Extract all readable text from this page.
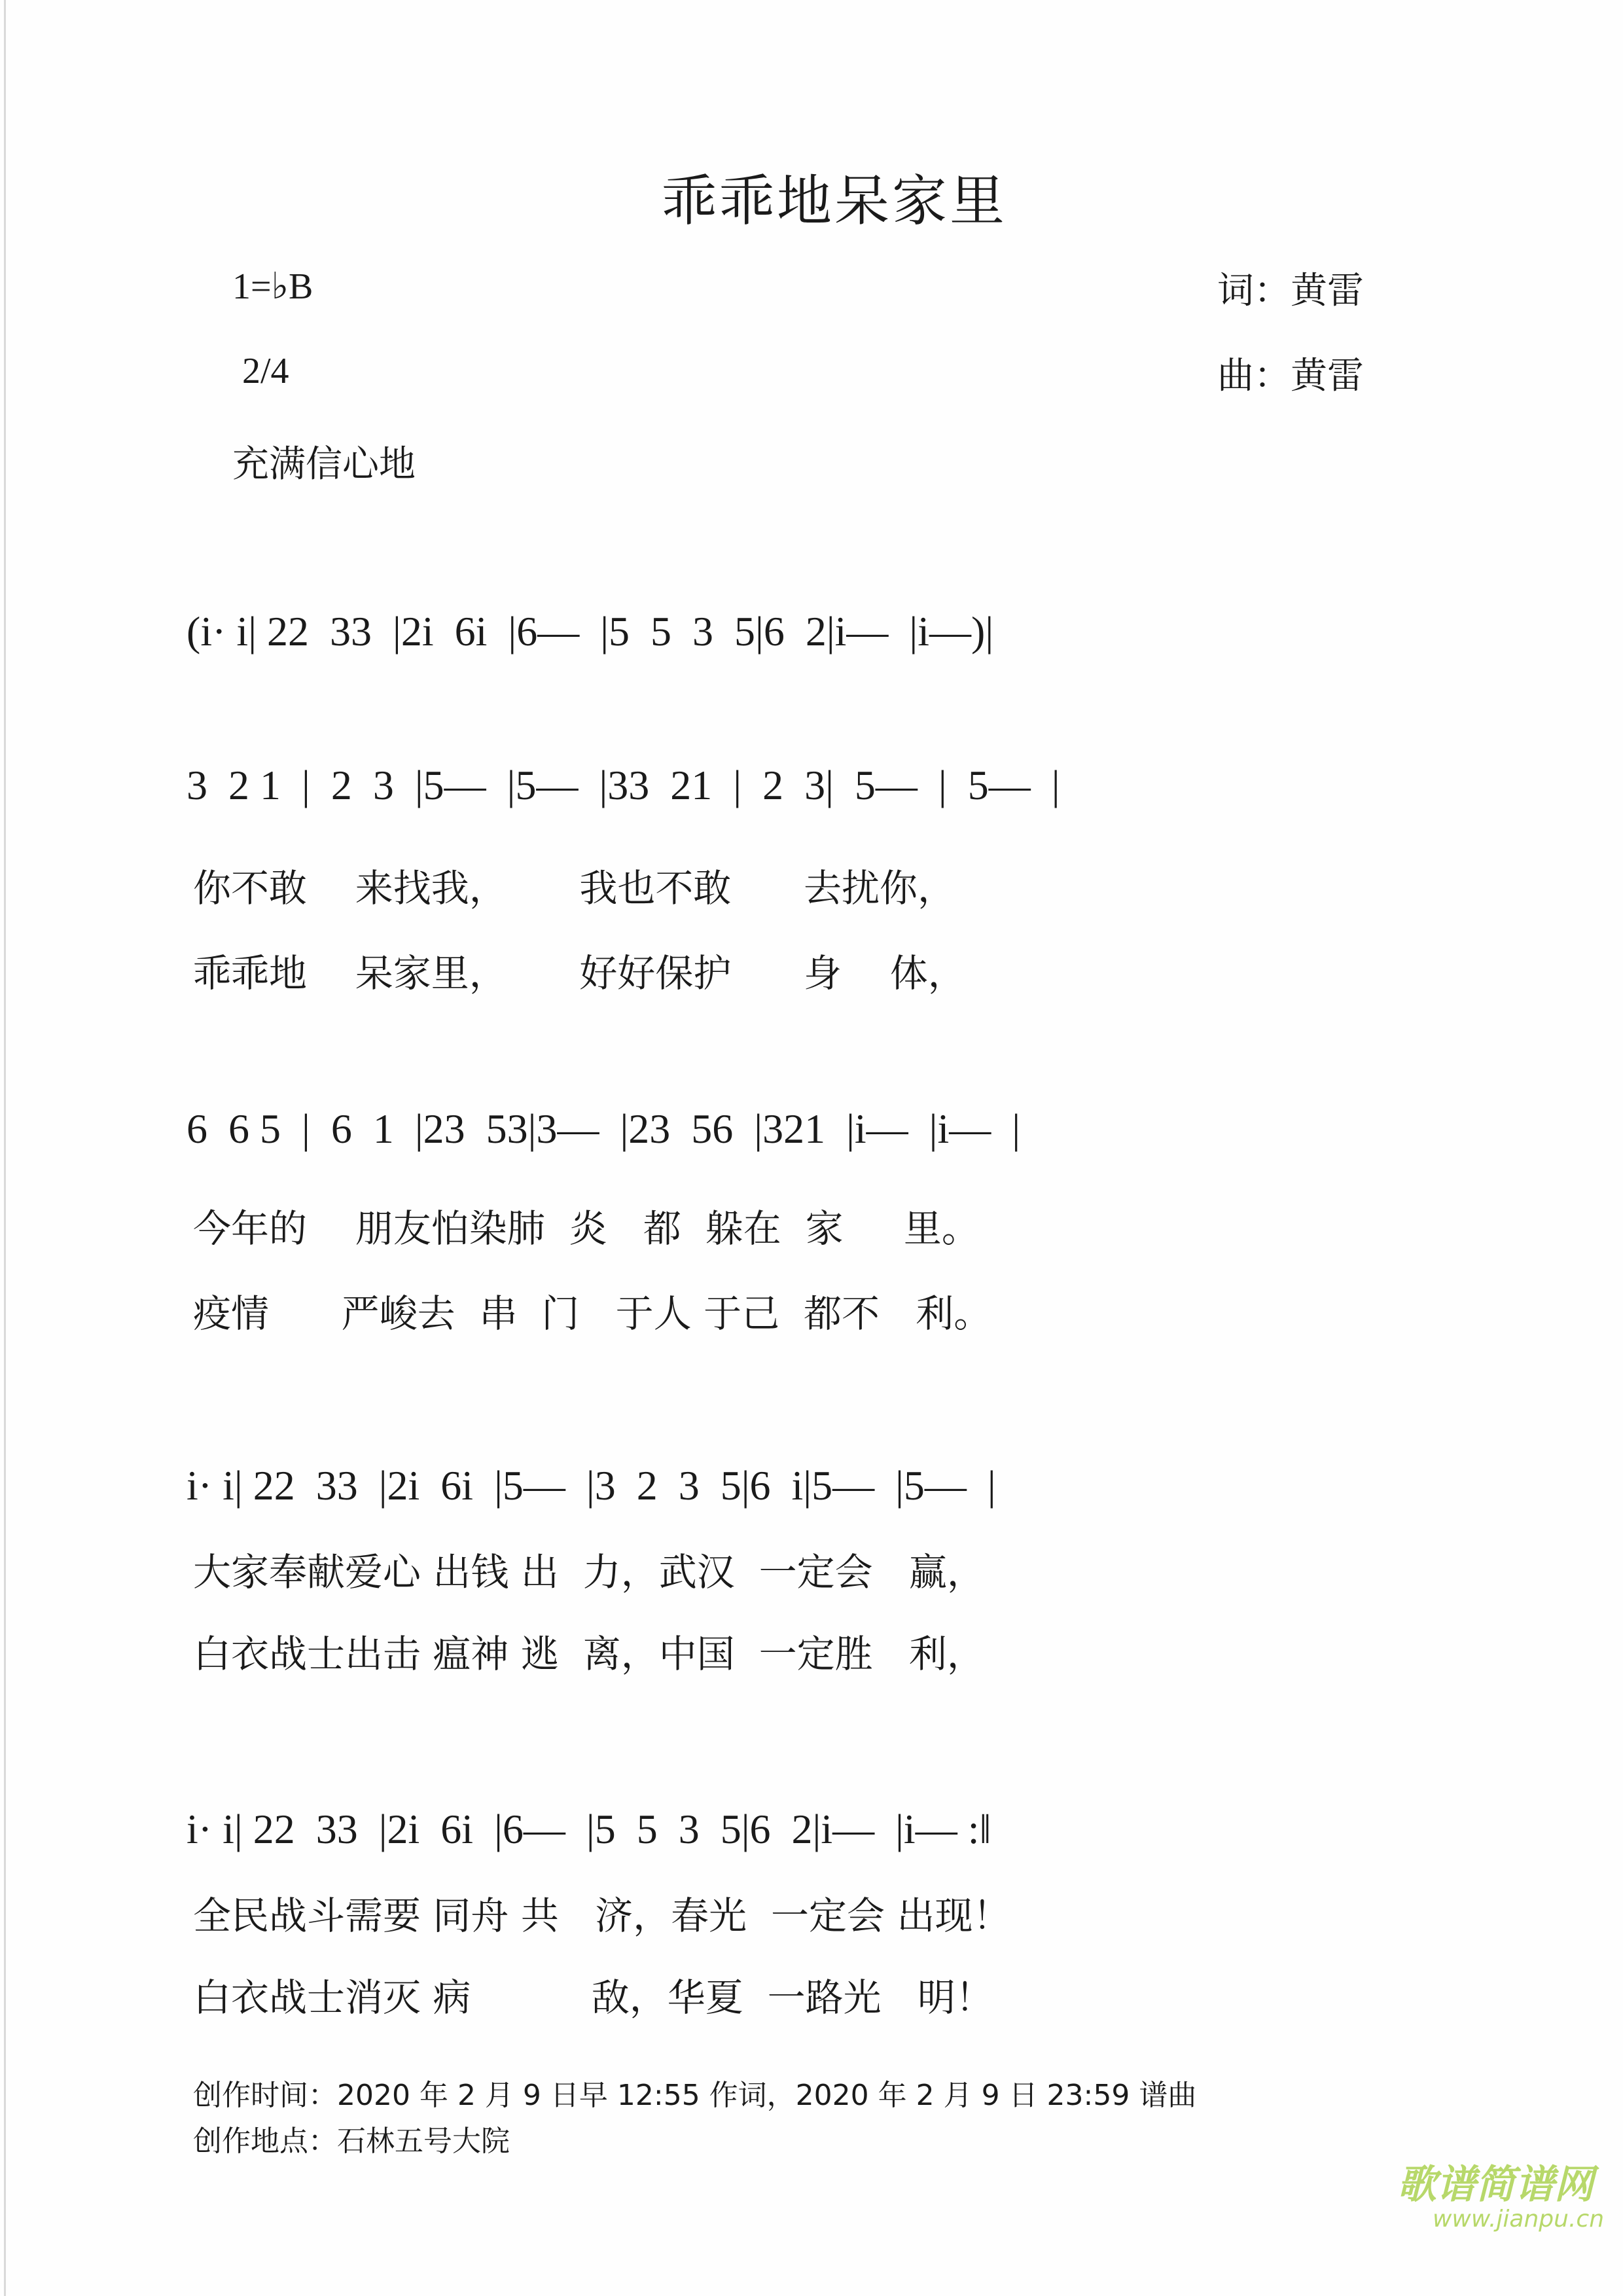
乖乖地呆家里
1=♭B
2/4
充满信心地
词：黄雷
曲：黄雷
(i· i| 22  33  |2i  6i  |6—  |5  5  3  5|6  2|i—  |i—)|
3  2 1  |  2  3  |5—  |5—  |33  21  |  2  3|  5—  |  5—  |
你不敢    来找我，      我也不敢      去扰你，
乖乖地    呆家里，      好好保护      身    体，
6  6 5  |  6  1  |23  53|3—  |23  56  |321  |i—  |i—  |
今年的    朋友怕染肺  炎   都  躲在  家     里。
疫情      严峻去  串  门   于人 于己  都不   利。
i· i| 22  33  |2i  6i  |5—  |3  2  3  5|6  i|5—  |5—  |
大家奉献爱心 出钱 出  力，武汉  一定会   赢，
白衣战士出击 瘟神 逃  离，中国  一定胜   利，
i· i| 22  33  |2i  6i  |6—  |5  5  3  5|6  2|i—  |i— :‖
全民战斗需要 同舟 共   济，春光  一定会 出现！
白衣战士消灭 病          敌，华夏  一路光   明！
创作时间：2020 年 2 月 9 日早 12:55 作词，2020 年 2 月 9 日 23:59 谱曲
创作地点：石林五号大院
歌谱简谱网
www.jianpu.cn
